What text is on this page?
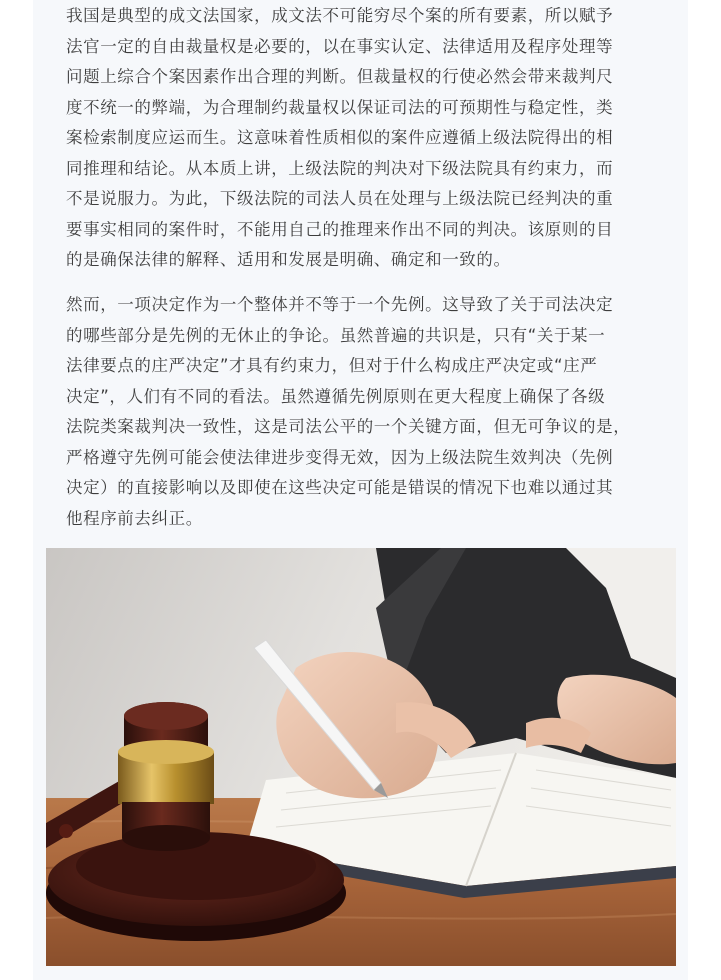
我国是典型的成文法国家，成文法不可能穷尽个案的所有要素，所以赋予

法官一定的自由裁量权是必要的，以在事实认定、法律适用及程序处理等

问题上综合个案因素作出合理的判断。但裁量权的行使必然会带来裁判尺

度不统一的弊端，为合理制约裁量权以保证司法的可预期性与稳定性，类

案检索制度应运而生。这意味着性质相似的案件应遵循上级法院得出的相

同推理和结论。从本质上讲，上级法院的判决对下级法院具有约束力，而

不是说服力。为此，下级法院的司法人员在处理与上级法院已经判决的重

要事实相同的案件时，不能用自己的推理来作出不同的判决。该原则的目

的是确保法律的解释、适用和发展是明确、确定和一致的。

然而，一项决定作为一个整体并不等于一个先例。这导致了关于司法决定

的哪些部分是先例的无休止的争论。虽然普遍的共识是，只有“关于某一

法律要点的庄严决定”才具有约束力，但对于什么构成庄严决定或“庄严

决定”，人们有不同的看法。虽然遵循先例原则在更大程度上确保了各级

法院类案裁判决一致性，这是司法公平的一个关键方面，但无可争议的是，

严格遵守先例可能会使法律进步变得无效，因为上级法院生效判决（先例

决定）的直接影响以及即使在这些决定可能是错误的情况下也难以通过其

他程序前去纠正。
